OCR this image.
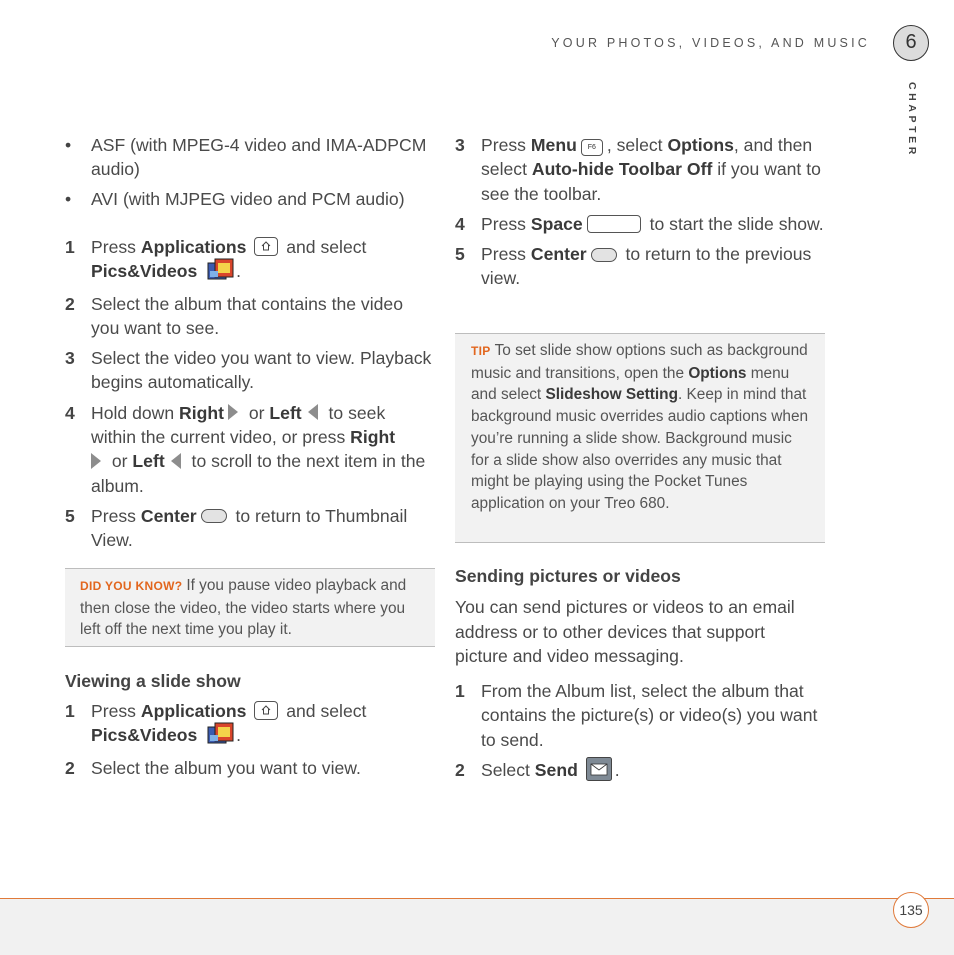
YOUR PHOTOS, VIDEOS, AND MUSIC	6
CHAPTER
• ASF (with MPEG-4 video and IMA-ADPCM audio)
• AVI (with MJPEG video and PCM audio)
1 Press Applications
and select Pics&Videos .
2 Select the album that contains the video you want to see.
3 Select the video you want to view. Playback begins automatically.
4 Hold down Right or Left to seek within the current video, or press Right
or Left to scroll to the next item in the album.
5 Press Center to return to Thumbnail View.
DID YOU KNOW? If you pause video playback and then close the video, the video starts where you left off the next time you play it.
Viewing a slide show
1 Press Applications
and select Pics&Videos .
2 Select the album you want to view.
3 Press Menu F6 , select Options, and then select Auto-hide Toolbar Off if you want to see the toolbar.
4 Press Space	to start the slide show.
5 Press Center to return to the previous view.
TIP To set slide show options such as background music and transitions, open the Options menu and select Slideshow Setting. Keep in mind that background music overrides audio captions when you’re running a slide show. Background music for a slide show also overrides any music that might be playing using the Pocket Tunes application on your Treo 680.
Sending pictures or videos
You can send pictures or videos to an email address or to other devices that support picture and video messaging.
1 From the Album list, select the album that contains the picture(s) or video(s) you want to send.
2 Select Send .
135
